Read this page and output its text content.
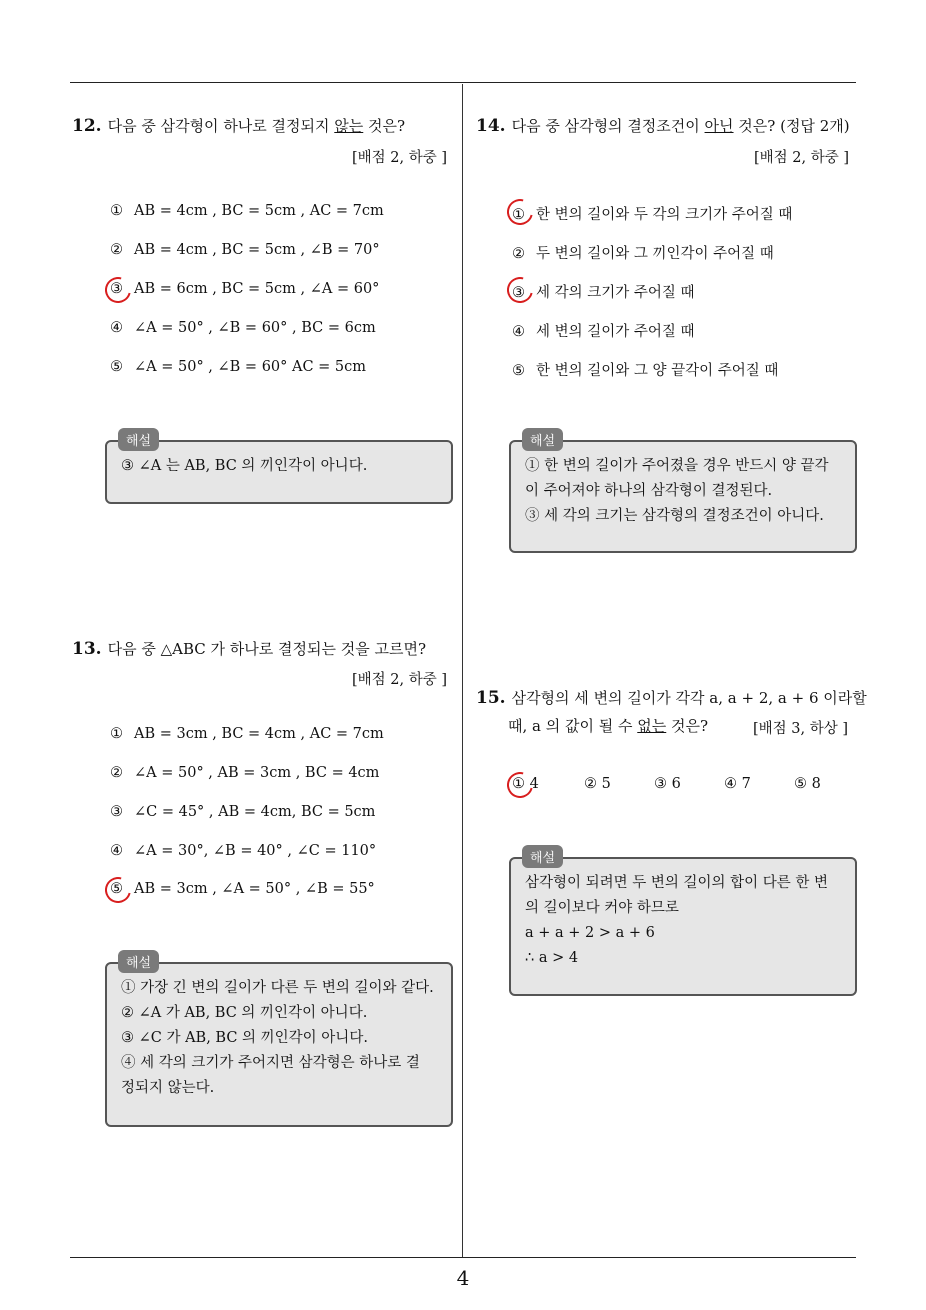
12. 다음 중 삼각형이 하나로 결정되지 않는 것은?
[배점 2, 하중 ]
① AB = 4cm , BC = 5cm , AC = 7cm
② AB = 4cm , BC = 5cm , ∠B = 70°
③ AB = 6cm , BC = 5cm , ∠A = 60°
④ ∠A = 50° , ∠B = 60° , BC = 6cm
⑤ ∠A = 50° , ∠B = 60° AC = 5cm
③ ∠A 는 AB, BC 의 끼인각이 아니다.
해설
13. 다음 중 △ABC 가 하나로 결정되는 것을 고르면?
[배점 2, 하중 ]
① AB = 3cm , BC = 4cm , AC = 7cm
② ∠A = 50° , AB = 3cm , BC = 4cm
③ ∠C = 45° , AB = 4cm, BC = 5cm
④ ∠A = 30°, ∠B = 40° , ∠C = 110°
⑤ AB = 3cm , ∠A = 50° , ∠B = 55°
① 가장 긴 변의 길이가 다른 두 변의 길이와 같다.
② ∠A 가 AB, BC 의 끼인각이 아니다.
③ ∠C 가 AB, BC 의 끼인각이 아니다.
④ 세 각의 크기가 주어지면 삼각형은 하나로 결
정되지 않는다.
해설
14. 다음 중 삼각형의 결정조건이 아닌 것은? (정답 2개)
[배점 2, 하중 ]
① 한 변의 길이와 두 각의 크기가 주어질 때
② 두 변의 길이와 그 끼인각이 주어질 때
③ 세 각의 크기가 주어질 때
④ 세 변의 길이가 주어질 때
⑤ 한 변의 길이와 그 양 끝각이 주어질 때
① 한 변의 길이가 주어졌을 경우 반드시 양 끝각
이 주어져야 하나의 삼각형이 결정된다.
③ 세 각의 크기는 삼각형의 결정조건이 아니다.
해설
15. 삼각형의 세 변의 길이가 각각 a, a + 2, a + 6 이라할
때, a 의 값이 될 수 없는 것은?	[배점 3, 하상 ]
① 4	② 5	③ 6	④ 7	⑤ 8
삼각형이 되려면 두 변의 길이의 합이 다른 한 변
의 길이보다 커야 하므로
a + a + 2 > a + 6
∴ a > 4
해설
4
